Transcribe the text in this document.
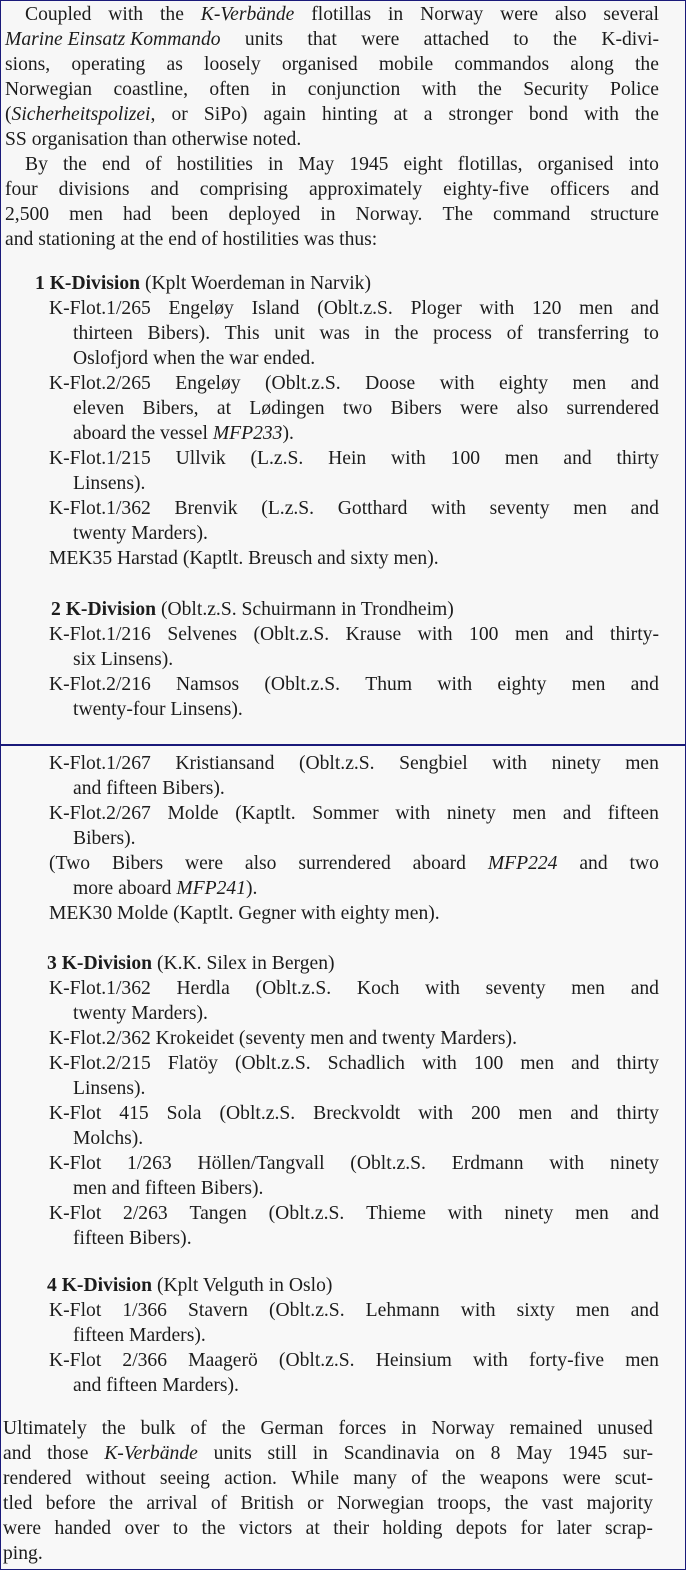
Coupled with the K-Verbände flotillas in Norway were also several
Marine Einsatz Kommando units that were attached to the K-divi-
sions, operating as loosely organised mobile commandos along the
Norwegian coastline, often in conjunction with the Security Police
(Sicherheitspolizei, or SiPo) again hinting at a stronger bond with the
SS organisation than otherwise noted.
By the end of hostilities in May 1945 eight flotillas, organised into
four divisions and comprising approximately eighty-five officers and
2,500 men had been deployed in Norway. The command structure
and stationing at the end of hostilities was thus:
1 K-Division (Kplt Woerdeman in Narvik)
K-Flot.1/265 Engeløy Island (Oblt.z.S. Ploger with 120 men and
thirteen Bibers). This unit was in the process of transferring to
Oslofjord when the war ended.
K-Flot.2/265 Engeløy (Oblt.z.S. Doose with eighty men and
eleven Bibers, at Lødingen two Bibers were also surrendered
aboard the vessel MFP233).
K-Flot.1/215 Ullvik (L.z.S. Hein with 100 men and thirty
Linsens).
K-Flot.1/362 Brenvik (L.z.S. Gotthard with seventy men and
twenty Marders).
MEK35 Harstad (Kaptlt. Breusch and sixty men).
2 K-Division (Oblt.z.S. Schuirmann in Trondheim)
K-Flot.1/216 Selvenes (Oblt.z.S. Krause with 100 men and thirty-
six Linsens).
K-Flot.2/216 Namsos (Oblt.z.S. Thum with eighty men and
twenty-four Linsens).
K-Flot.1/267 Kristiansand (Oblt.z.S. Sengbiel with ninety men
and fifteen Bibers).
K-Flot.2/267 Molde (Kaptlt. Sommer with ninety men and fifteen
Bibers).
(Two Bibers were also surrendered aboard MFP224 and two
more aboard MFP241).
MEK30 Molde (Kaptlt. Gegner with eighty men).
3 K-Division (K.K. Silex in Bergen)
K-Flot.1/362 Herdla (Oblt.z.S. Koch with seventy men and
twenty Marders).
K-Flot.2/362 Krokeidet (seventy men and twenty Marders).
K-Flot.2/215 Flatöy (Oblt.z.S. Schadlich with 100 men and thirty
Linsens).
K-Flot 415 Sola (Oblt.z.S. Breckvoldt with 200 men and thirty
Molchs).
K-Flot 1/263 Höllen/Tangvall (Oblt.z.S. Erdmann with ninety
men and fifteen Bibers).
K-Flot 2/263 Tangen (Oblt.z.S. Thieme with ninety men and
fifteen Bibers).
4 K-Division (Kplt Velguth in Oslo)
K-Flot 1/366 Stavern (Oblt.z.S. Lehmann with sixty men and
fifteen Marders).
K-Flot 2/366 Maagerö (Oblt.z.S. Heinsium with forty-five men
and fifteen Marders).
Ultimately the bulk of the German forces in Norway remained unused
and those K-Verbände units still in Scandinavia on 8 May 1945 sur-
rendered without seeing action. While many of the weapons were scut-
tled before the arrival of British or Norwegian troops, the vast majority
were handed over to the victors at their holding depots for later scrap-
ping.
